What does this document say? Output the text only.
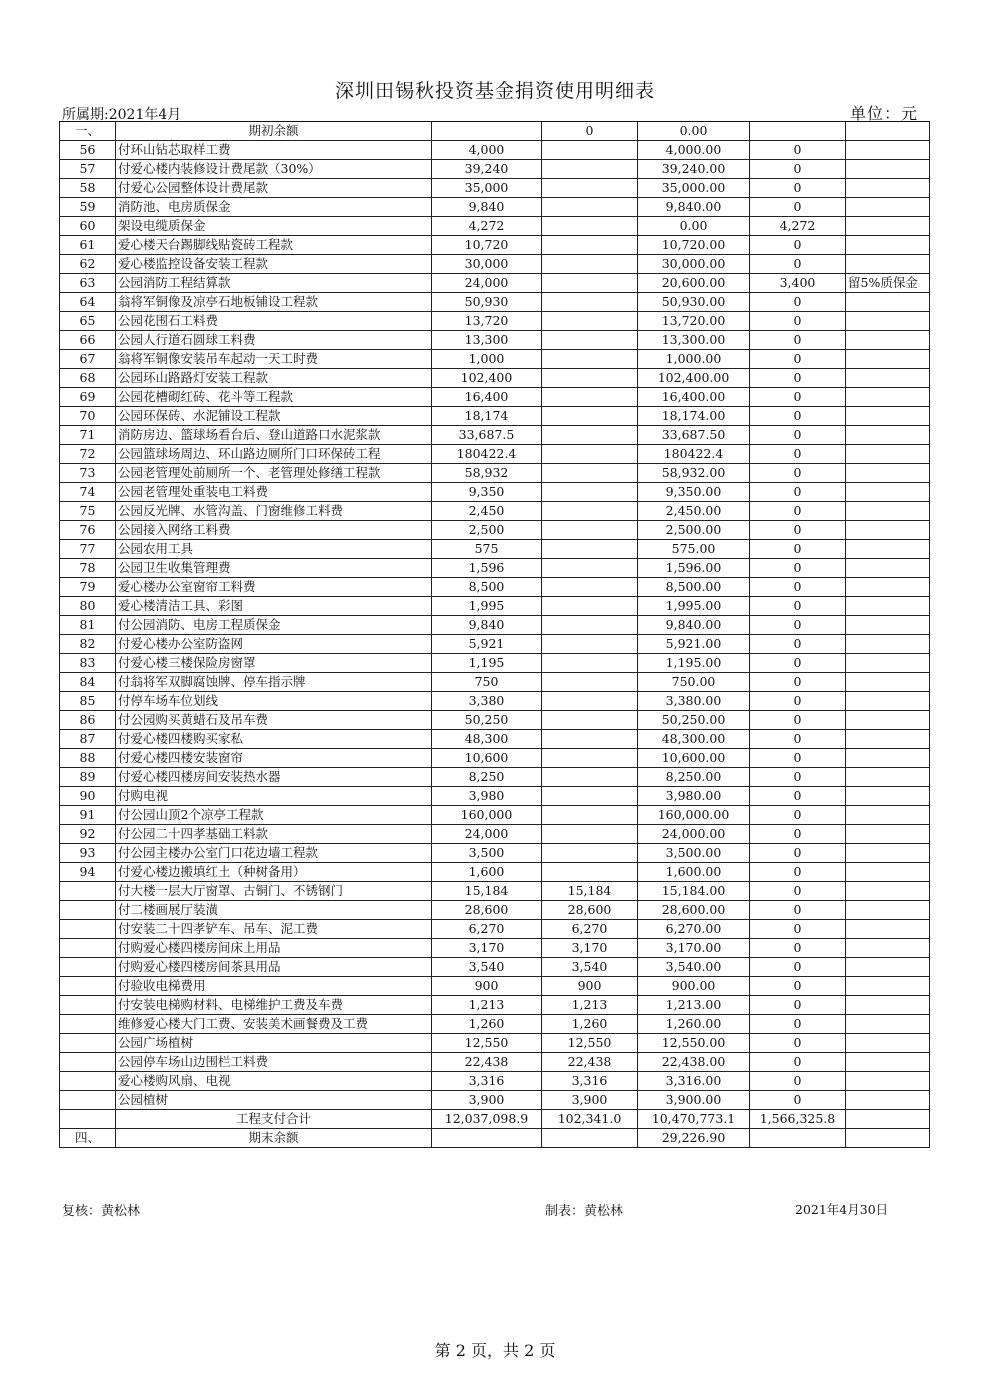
深圳田锡秋投资基金捐资使用明细表
所属期:2021年4月	单位：元
一、	期初余额		0	0.00		
56	付环山钻芯取样工费	4,000		4,000.00	0	
57	付爱心楼内装修设计费尾款（30%）	39,240		39,240.00	0	
58	付爱心公园整体设计费尾款	35,000		35,000.00	0	
59	消防池、电房质保金	9,840		9,840.00	0	
60	架设电缆质保金	4,272		0.00	4,272	
61	爱心楼天台踢脚线贴瓷砖工程款	10,720		10,720.00	0	
62	爱心楼监控设备安装工程款	30,000		30,000.00	0	
63	公园消防工程结算款	24,000		20,600.00	3,400	留5%质保金
64	翁将军铜像及凉亭石地板铺设工程款	50,930		50,930.00	0	
65	公园花围石工料费	13,720		13,720.00	0	
66	公园人行道石圆球工料费	13,300		13,300.00	0	
67	翁将军铜像安装吊车起动一天工时费	1,000		1,000.00	0	
68	公园环山路路灯安装工程款	102,400		102,400.00	0	
69	公园花槽砌红砖、花斗等工程款	16,400		16,400.00	0	
70	公园环保砖、水泥铺设工程款	18,174		18,174.00	0	
71	消防房边、篮球场看台后、登山道路口水泥浆款	33,687.5		33,687.50	0	
72	公园篮球场周边、环山路边厕所门口环保砖工程	180422.4		180422.4	0	
73	公园老管理处前厕所一个、老管理处修缮工程款	58,932		58,932.00	0	
74	公园老管理处重装电工料费	9,350		9,350.00	0	
75	公园反光牌、水管沟盖、门窗维修工料费	2,450		2,450.00	0	
76	公园接入网络工料费	2,500		2,500.00	0	
77	公园农用工具	575		575.00	0	
78	公园卫生收集管理费	1,596		1,596.00	0	
79	爱心楼办公室窗帘工料费	8,500		8,500.00	0	
80	爱心楼清洁工具、彩图	1,995		1,995.00	0	
81	付公园消防、电房工程质保金	9,840		9,840.00	0	
82	付爱心楼办公室防盗网	5,921		5,921.00	0	
83	付爱心楼三楼保险房窗罩	1,195		1,195.00	0	
84	付翁将军双脚腐蚀牌、停车指示牌	750		750.00	0	
85	付停车场车位划线	3,380		3,380.00	0	
86	付公园购买黄蜡石及吊车费	50,250		50,250.00	0	
87	付爱心楼四楼购买家私	48,300		48,300.00	0	
88	付爱心楼四楼安装窗帘	10,600		10,600.00	0	
89	付爱心楼四楼房间安装热水器	8,250		8,250.00	0	
90	付购电视	3,980		3,980.00	0	
91	付公园山顶2个凉亭工程款	160,000		160,000.00	0	
92	付公园二十四孝基础工料款	24,000		24,000.00	0	
93	付公园主楼办公室门口花边墙工程款	3,500		3,500.00	0	
94	付爱心楼边搬填红土（种树备用）	1,600		1,600.00	0	
	付大楼一层大厅窗罩、古铜门、不锈钢门	15,184	15,184	15,184.00	0	
	付二楼画展厅装潢	28,600	28,600	28,600.00	0	
	付安装二十四孝铲车、吊车、泥工费	6,270	6,270	6,270.00	0	
	付购爱心楼四楼房间床上用品	3,170	3,170	3,170.00	0	
	付购爱心楼四楼房间茶具用品	3,540	3,540	3,540.00	0	
	付验收电梯费用	900	900	900.00	0	
	付安装电梯购材料、电梯维护工费及车费	1,213	1,213	1,213.00	0	
	维修爱心楼大门工费、安装美术画餐费及工费	1,260	1,260	1,260.00	0	
	公园广场植树	12,550	12,550	12,550.00	0	
	公园停车场山边围栏工料费	22,438	22,438	22,438.00	0	
	爱心楼购风扇、电视	3,316	3,316	3,316.00	0	
	公园植树	3,900	3,900	3,900.00	0	
	工程支付合计	12,037,098.9	102,341.0	10,470,773.1	1,566,325.8	
四、	期末余额			29,226.90		
复核：黄松林	制表：黄松林	2021年4月30日
第 2 页，共 2 页
